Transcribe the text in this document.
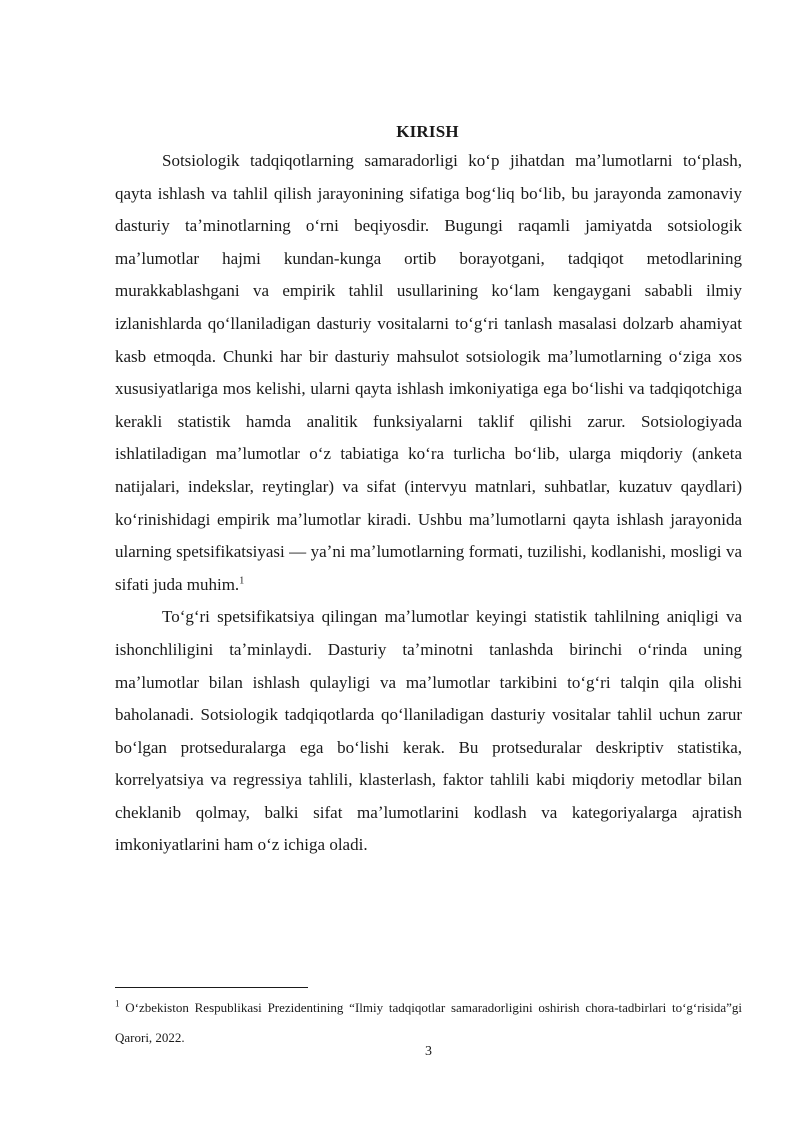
KIRISH

Sotsiologik tadqiqotlarning samaradorligi koʻp jihatdan maʼlumotlarni toʻplash, qayta ishlash va tahlil qilish jarayonining sifatiga bogʻliq boʻlib, bu jarayonda zamonaviy dasturiy taʼminotlarning oʻrni beqiyosdir. Bugungi raqamli jamiyatda sotsiologik maʼlumotlar hajmi kundan-kunga ortib borayotgani, tadqiqot metodlarining murakkablashgani va empirik tahlil usullarining koʻlam kengaygani sababli ilmiy izlanishlarda qoʻllaniladigan dasturiy vositalarni toʻgʻri tanlash masalasi dolzarb ahamiyat kasb etmoqda. Chunki har bir dasturiy mahsulot sotsiologik maʼlumotlarning oʻziga xos xususiyatlariga mos kelishi, ularni qayta ishlash imkoniyatiga ega boʻlishi va tadqiqotchiga kerakli statistik hamda analitik funksiyalarni taklif qilishi zarur. Sotsiologiyada ishlatiladigan maʼlumotlar oʻz tabiatiga koʻra turlicha boʻlib, ularga miqdoriy (anketa natijalari, indekslar, reytinglar) va sifat (intervyu matnlari, suhbatlar, kuzatuv qaydlari) koʻrinishidagi empirik maʼlumotlar kiradi. Ushbu maʼlumotlarni qayta ishlash jarayonida ularning spetsifikatsiyasi — yaʼni maʼlumotlarning formati, tuzilishi, kodlanishi, mosligi va sifati juda muhim.$^1$

Toʻgʻri spetsifikatsiya qilingan maʼlumotlar keyingi statistik tahlilning aniqligi va ishonchliligini taʼminlaydi. Dasturiy taʼminotni tanlashda birinchi oʻrinda uning maʼlumotlar bilan ishlash qulayligi va maʼlumotlar tarkibini toʻgʻri talqin qila olishi baholanadi. Sotsiologik tadqiqotlarda qoʻllaniladigan dasturiy vositalar tahlil uchun zarur boʻlgan protseduralarga ega boʻlishi kerak. Bu protseduralar deskriptiv statistika, korrelyatsiya va regressiya tahlili, klasterlash, faktor tahlili kabi miqdoriy metodlar bilan cheklanib qolmay, balki sifat maʼlumotlarini kodlash va kategoriyalarga ajratish imkoniyatlarini ham oʻz ichiga oladi.

$^1$ Oʻzbekiston Respublikasi Prezidentining “Ilmiy tadqiqotlar samaradorligini oshirish chora-tadbirlari toʻgʻrisida”gi Qarori, 2022.
3
